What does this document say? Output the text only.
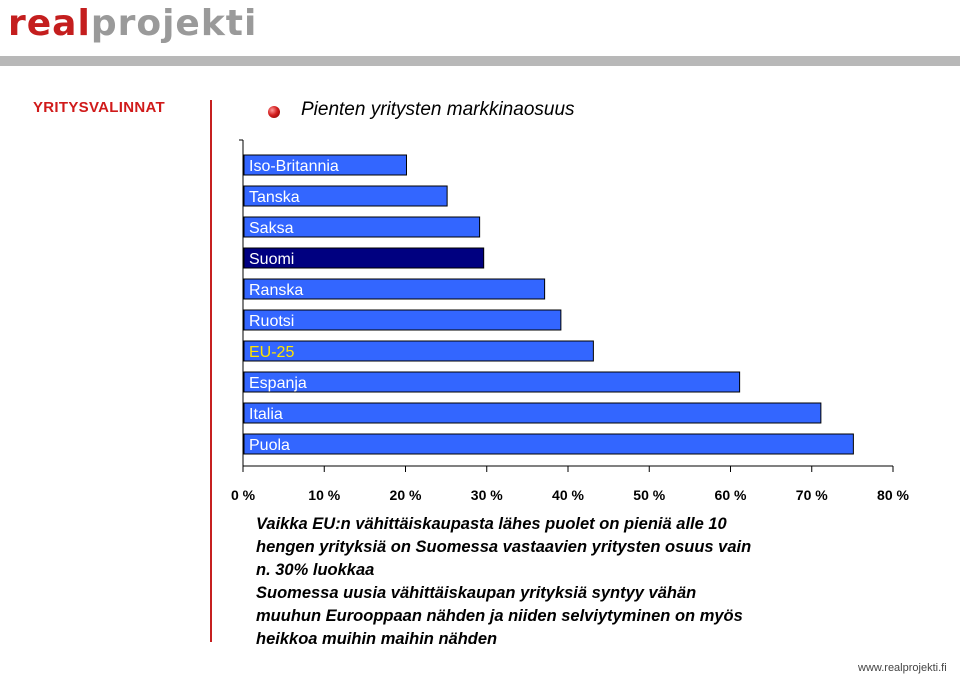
realprojekti
YRITYSVALINNAT	Pienten yritysten markkinaosuus
Iso-Britannia
Tanska
Saksa
Suomi
Ranska
Ruotsi
EU-25
Espanja
Italia
Puola
0 %	10 %	20 %	30 %	40 %	50 %	60 %	70 %	80 %
Vaikka EU:n vähittäiskaupasta lähes puolet on pieniä alle 10
hengen yrityksiä on Suomessa vastaavien yritysten osuus vain
n. 30% luokkaa
Suomessa uusia vähittäiskaupan yrityksiä syntyy vähän
muuhun Eurooppaan nähden ja niiden selviytyminen on myös
heikkoa muihin maihin nähden
www.realprojekti.fi
